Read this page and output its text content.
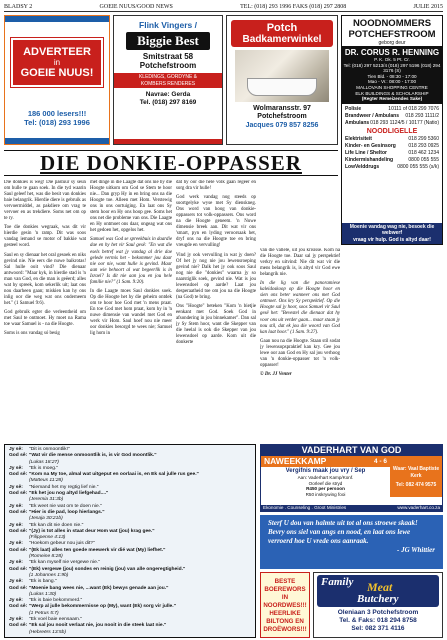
BLADSY 2	GOEIE NUUS/GOOD NEWS	TEL: (018) 293 1996 FAKS (018) 297 2808	JULIE 2015
ADVERTEER
in
GOEIE NUUS!
186 000 lesers!!!
Tel: (018) 293 1996
Flink Vingers /
Biggie Best
Smitstraat 58
Potchefstroom
KLEDINGS, GORDYNE &
KOMBERS RENDERES
Navrae: Gerda
Tel. (018) 297 8169
Potch
Badkamerwinkel
Wolmaransstr. 97
Potchefstroom
Jacques 079 857 8256
NOODNOMMERS
POTCHEFSTROOM
geborg deur
DR. CORUS R. HENNING
P. K. Ok. 5 Pt. Cr.
Tel: (018) 297 5213/4 (018) 297 5196 (018) 294 3176 (S)
Tien Bld. - 08:30 - 17:00
Mao - Vr.: 08:00 - 17:00
MALLOVAIN SHOPPING CENTRE
ELK BUILDINGS & SCHOLARSHIP
(Regter Remeizendes Sake)
Polisie	10111 of 018 299 7076
Brandweer / Ambulans 018 293 1111/2
Ambulans 018 293 1124/5 / 10177 (Natio)
NOODLIGELLE
Elektrisiteit	018 299 5360
Kinder- en Gesinsorg	018 293 0925
Life Line / Sheltor	018 462 1234
Kindermishandeling	0800 055 555
LowVelddrugs	0800 055 555 (s/k)
Moenie vandag wag nie, besoek die webwerf
vraag vir hulp. God is altyd daar!
DIE DONKIE-OPPASSER

Die donkies is weg! Die pastuur sy seun om hulle te gaan soek. In die tyd waarin Saul geleef het, was die besit van donkies baie belangrik. Hierdie diere is gebruik as vervoermiddel, as pakdiere om vrag te vervoer en as trekdiere. Soms net om op te ry.

Toe die donkies wegraak, was dit vir hierdie gesin 'n ramp. Dit was soos vandag iemand se motor of bakkie wat gesteel word.

Saul en sy dienaar het oral gesoek en niks gevind nie. Nie eers die nuwe baikrotas! Sal hulle ooit vind? Die dienaar antwoord: "Maar kyk, in hierdie stad is 'n man van God, en die man is geëerd; alles wat hy spreek, kom sekerlik uit; laat ons nou daarheen gaan; miskien kan hy ons inlig oor die weg wat ons onderneem het." (1 Samuel 9:6).

God gebruik egter die verleentheid om met Saul te ontmoet. Hy moet na Rama toe waar Samuel is - na die Hoogte.

Soms is ons vandag só besig

met dinge in die Laagte dat ons nie by die Hoogte uitkom om God se Stem te hoor nie... Dan gryp Hy in en bring ons na die Hoogte toe. Alleen met Hom. Verstewig ons in ons oortuiging. En laat ons Sy stem hoor en Hy ons hoop gee. Soms het ons net die probleme van ons. Die Laagte en Hy ontmoet ons daar, ongeag wat ons het gedoen het, opgelos het.

Samuel was God se spreekbuis in daardie dae en hy het vir Saul gesê: "En wat die esels betref wat jy vandag al drie dae gelede vermis het - bekommer jou daar nie oor nie, want hulle is gevind. Maar aan wie behoort al wat begeerlik is in Israel? Is dit nie aan jou en jou hele familie nie?" (1 Sam. 9:20).

In die Laagte moes Saul donkies soek. Op die Hoogte het hy die geheim ontdek om te hoor hoe God met 'n mens praat. En toe God met hom praat, kom hy in 'n nuwe dimensie van wandel met God en werk vir Hom. Saul hoef nou nie meer oor donkies besorgd te wees nie; Samuel lig hom in

dat hy oor die hele volk gaan regeer en sorg dra vir hulle!

God werk vandag nog steeds op soortgelyke wyse met Sy dienskneg. Ons word van hoog van donkie-oppassers tot volk-oppassers. Ons word na die Hoogte geneem. 'n Nuwe dimensie breek aan. Dit wat vir ons 'smart, pyn en lyding veroorsaak het, dryf ons na die Hoogte toe en bring vreugde en vervulling!

Vind jy ook vervulling in wat jy doen? Of het jy nog nie jou lewensroeping gevind nie? Dalk het jy ook soos Saul nog nie die "donkies" waarna jy so naarstiglik soek, gevind nie. Wat is jou lewensdoel op aarde? Laat jou desperaatheid toe om jou na die Hoogte (na God) te bring.

Ons "Hoogte" beteken "Kom 'n bietjie eenkant met God. Soek God in afsondering in jou binnekamer". Dan sal jy Sy Stem hoor, want die Skepper van die heelal is ook die Skepper van jou lewensdoel op aarde. Kom uit die donkerte

van die vallele, uit jou krisisse. Kom na die Hoogte toe. Daar sal jy perspektief verkry en uitvind: Nie dit wat vir die mens belangrik is, is altyd vir God ewe belangrik nie.

In die lig van die panoramiese kaleidoskoop op die Hoogte hoor en sien ons beter wanneer ons met God ontmoet. Ons kry Sy perspektief. Op die Hoogte sal jy hoor, soos Samuel vir Saul gesê het: "Bevestel die dienaar dat hy voor ons uit verder gaan... maar staan jy nou stil, dat ek jou die woord van God kan laat hoor." (1 Sam. 9:27).

Gaan nou na die Hoogte. Staan stil sodat jy lewensopspraktief kan kry. Gee jou lewe oor aan God en Hy sal jou verhoog van 'n donkie-oppasser tot 'n volk-oppasser!

© Dr. JJ Venter

Jy sê: "Dit is onmoontlik!"
God sê: "Wat vir die mense onmoontlik is, is vir God moontlik."
(Lukas 18:27)
Jy sê: "Ek is moeg."
God sê: "Kom na My toe, almal wat uitgeput en oorlaai is, en Ek sal julle rus gee."
(Matteus 11:28)
Jy sê: "Niemand het my regtig lief nie."
God sê: "Ek het jou nog altyd liefgehad...."
(Jeremia 31:3b)
Jy sê: "Ek weet nie wat om te doen nie."
God sê: "Hier is die pad, loop hierlangs."
(Jesaja 30:21b)
Jy sê: "Ek kan dit nie doen nie."
God sê: "(Jy) is tot alles in staat deur Hom wat (jou) krag gee."
(Filippense 4:13)
Jy sê: "Hoekom gebeur nou juis dit?"
God sê: "(Ek laat) alles ten goede meewerk vir dié wat (My) liefhet."
(Romeine 8:28)
Jy sê: "Ek kan myself nie vergewe nie."
God sê: "(Ek) vergewe (jou) sondes en reinig (jou) van alle ongeregtigheid."
(1 Johannes 1:9b)
Jy sê: "Ek is bang."
God sê: "Moenie bang wees nie, ...want (Ek) bewys genade aan jou."
(Lukas 1:30)
Jy sê: "Ek is baie bekommerd."
God sê: "Werp al julle bekommernisse op (My), want (Ek) sorg vir julle."
(1 Petrus 5:7)
Jy sê: "Ek voel baie eensaam."
God sê: "Ek sal jou nooit verlaat nie, jou nooit in die steek laat nie."
(Hebreërs 13:5b)
VADERHART VAN GOD
NAWEEKKAMP	4 - 6
Vergifnis maak jou vry / Sep
Aan: Vaderhart Kamp/Konf.
Oorleef die stryd
R450 per persoon
R50 inskrywing fooi
Waar: Vaal Baptiste Kerk
Tel: 082 474 9575
Ekonomie . Counseling . Groot Ministries	www.vaderhart.co.za
Sterf U dou van halmte uit tot al ons stroewe skaak!
Bevry ons siel van angs en nood, en laat ons lewe verroerd hoe U vrede ons aanraak.
- JG Whittier
BESTE
BOEREWORS
IN NOORDWES!!!
HEERLIKE
BILTONG EN
DROËWORS!!!
Family Meat
Butchery
Oleniaan 3 Potchefstroom
Tel. & Faks: 018 294 8758
Sel: 082 371 4116
